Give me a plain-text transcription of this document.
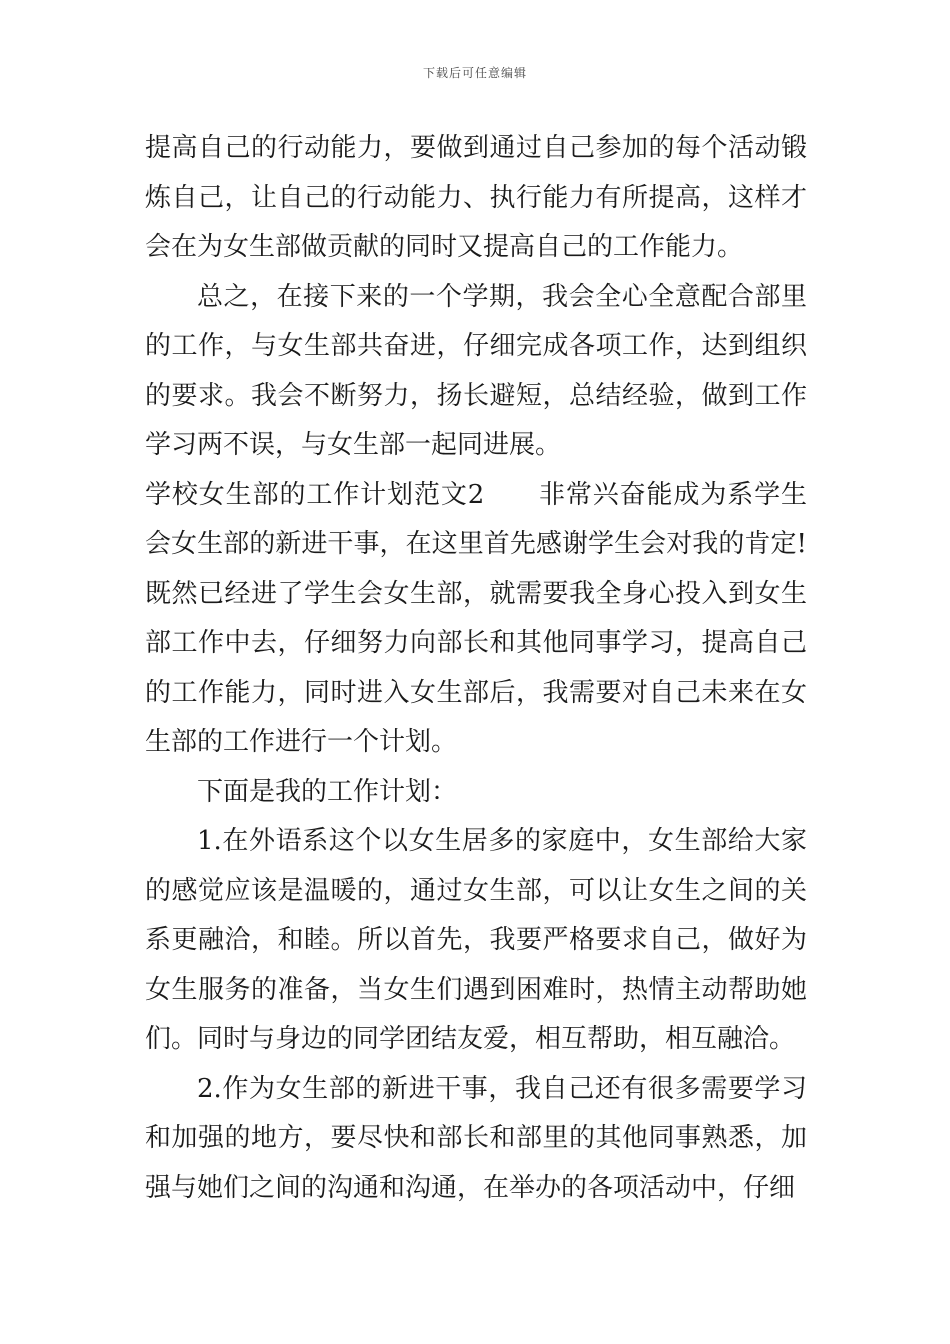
下载后可任意编辑

提高自己的行动能力，要做到通过自己参加的每个活动锻炼自己，让自己的行动能力、执行能力有所提高，这样才会在为女生部做贡献的同时又提高自己的工作能力。

总之，在接下来的一个学期，我会全心全意配合部里的工作，与女生部共奋进，仔细完成各项工作，达到组织的要求。我会不断努力，扬长避短，总结经验，做到工作学习两不误，与女生部一起同进展。

学校女生部的工作计划范文2　　非常兴奋能成为系学生会女生部的新进干事，在这里首先感谢学生会对我的肯定!既然已经进了学生会女生部，就需要我全身心投入到女生部工作中去，仔细努力向部长和其他同事学习，提高自己的工作能力，同时进入女生部后，我需要对自己未来在女生部的工作进行一个计划。

下面是我的工作计划：

1.在外语系这个以女生居多的家庭中，女生部给大家的感觉应该是温暖的，通过女生部，可以让女生之间的关系更融洽，和睦。所以首先，我要严格要求自己，做好为女生服务的准备，当女生们遇到困难时，热情主动帮助她们。同时与身边的同学团结友爱，相互帮助，相互融洽。

2.作为女生部的新进干事，我自己还有很多需要学习和加强的地方，要尽快和部长和部里的其他同事熟悉，加强与她们之间的沟通和沟通，在举办的各项活动中，仔细
